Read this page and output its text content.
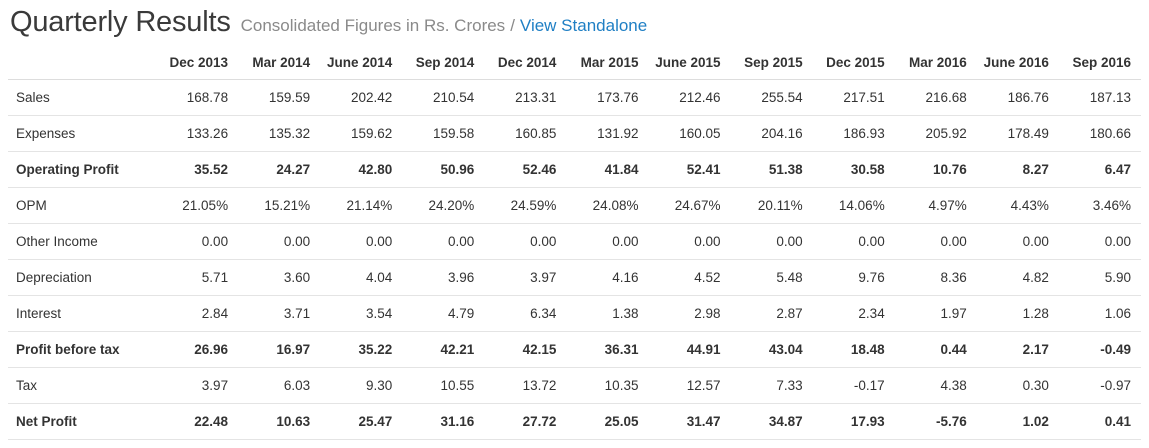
Quarterly Results Consolidated Figures in Rs. Crores / View Standalone
	Dec 2013	Mar 2014	June 2014	Sep 2014	Dec 2014	Mar 2015	June 2015	Sep 2015	Dec 2015	Mar 2016	June 2016	Sep 2016
Sales	168.78	159.59	202.42	210.54	213.31	173.76	212.46	255.54	217.51	216.68	186.76	187.13
Expenses	133.26	135.32	159.62	159.58	160.85	131.92	160.05	204.16	186.93	205.92	178.49	180.66
Operating Profit	35.52	24.27	42.80	50.96	52.46	41.84	52.41	51.38	30.58	10.76	8.27	6.47
OPM	21.05%	15.21%	21.14%	24.20%	24.59%	24.08%	24.67%	20.11%	14.06%	4.97%	4.43%	3.46%
Other Income	0.00	0.00	0.00	0.00	0.00	0.00	0.00	0.00	0.00	0.00	0.00	0.00
Depreciation	5.71	3.60	4.04	3.96	3.97	4.16	4.52	5.48	9.76	8.36	4.82	5.90
Interest	2.84	3.71	3.54	4.79	6.34	1.38	2.98	2.87	2.34	1.97	1.28	1.06
Profit before tax	26.96	16.97	35.22	42.21	42.15	36.31	44.91	43.04	18.48	0.44	2.17	-0.49
Tax	3.97	6.03	9.30	10.55	13.72	10.35	12.57	7.33	-0.17	4.38	0.30	-0.97
Net Profit	22.48	10.63	25.47	31.16	27.72	25.05	31.47	34.87	17.93	-5.76	1.02	0.41
